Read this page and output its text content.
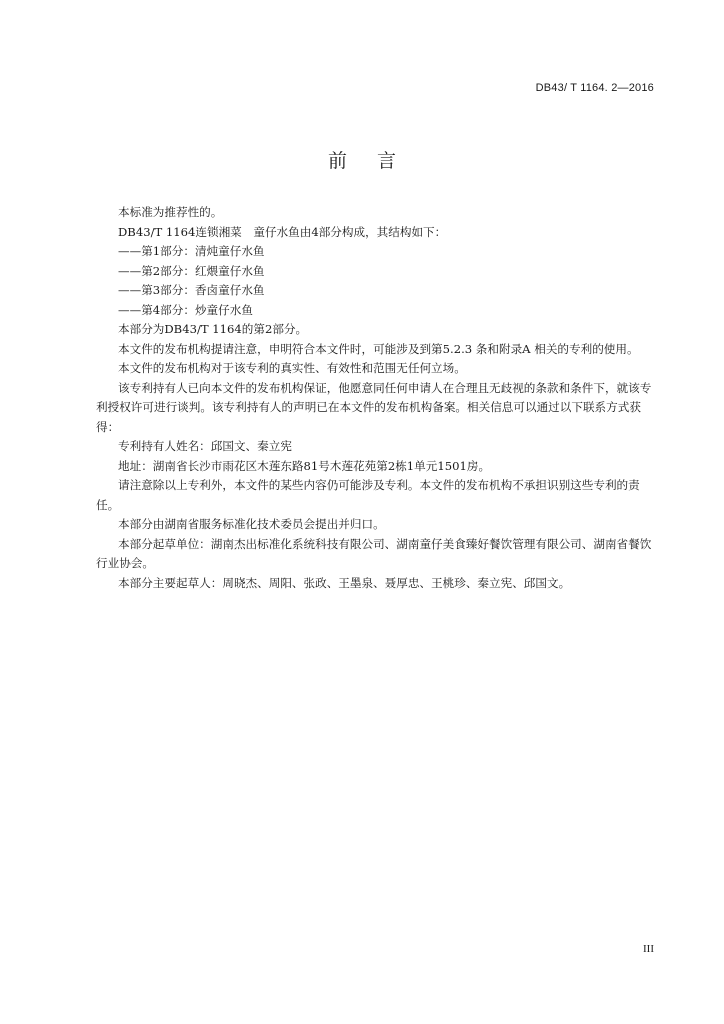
DB43/ T 1164. 2—2016
前言

本标准为推荐性的。

DB43/T 1164连锁湘菜　童仔水鱼由4部分构成，其结构如下：

——第1部分：清炖童仔水鱼

——第2部分：红煨童仔水鱼

——第3部分：香卤童仔水鱼

——第4部分：炒童仔水鱼

本部分为DB43/T 1164的第2部分。

本文件的发布机构提请注意，申明符合本文件时，可能涉及到第5.2.3 条和附录A 相关的专利的使用。

本文件的发布机构对于该专利的真实性、有效性和范围无任何立场。

该专利持有人已向本文件的发布机构保证，他愿意同任何申请人在合理且无歧视的条款和条件下，就该专利授权许可进行谈判。该专利持有人的声明已在本文件的发布机构备案。相关信息可以通过以下联系方式获得：

专利持有人姓名：邱国文、秦立宪

地址：湖南省长沙市雨花区木莲东路81号木莲花苑第2栋1单元1501房。

请注意除以上专利外，本文件的某些内容仍可能涉及专利。本文件的发布机构不承担识别这些专利的责任。

本部分由湖南省服务标准化技术委员会提出并归口。

本部分起草单位：湖南杰出标准化系统科技有限公司、湖南童仔美食臻好餐饮管理有限公司、湖南省餐饮行业协会。

本部分主要起草人：周晓杰、周阳、张政、王墨泉、聂厚忠、王桃珍、秦立宪、邱国文。

III
